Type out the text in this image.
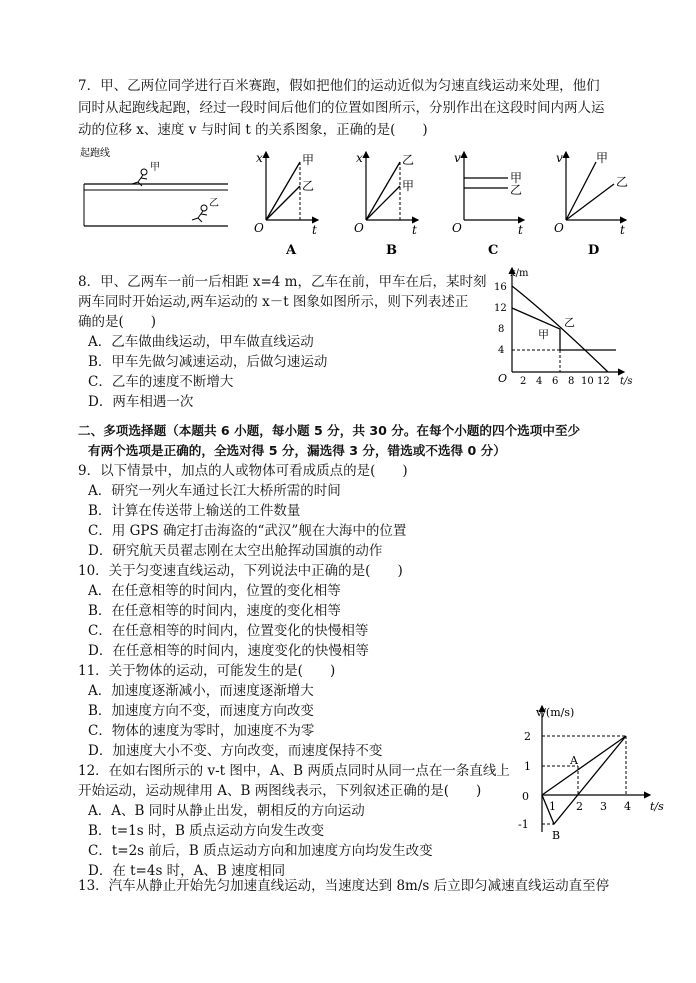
7．甲、乙两位同学进行百米赛跑，假如把他们的运动近似为匀速直线运动来处理，他们
同时从起跑线起跑，经过一段时间后他们的位置如图所示，分别作出在这段时间内两人运
动的位移 x、速度 v 与时间 t 的关系图象，正确的是(　　)
起跑线
甲
乙
x
t
O
甲
乙
A
x
t
O
乙
甲
B
v
t
O
甲
乙
C
v
t
O
甲
乙
D
8．甲、乙两车一前一后相距 x=4 m，乙车在前，甲车在后，某时刻
两车同时开始运动,两车运动的 x－t 图象如图所示，则下列表述正
确的是(　　)
A．乙车做曲线运动，甲车做直线运动
B．甲车先做匀减速运动，后做匀速运动
C．乙车的速度不断增大
D．两车相遇一次
x/m
t/s
O
16
12
8
4
2 4 6 8 10 12
甲
乙
二、多项选择题（本题共 6 小题，每小题 5 分，共 30 分。在每个小题的四个选项中至少
有两个选项是正确的，全选对得 5 分，漏选得 3 分，错选或不选得 0 分）
9．以下情景中，加点的人或物体可看成质点的是(　　)
A．研究一列火车通过长江大桥所需的时间
B．计算在传送带上输送的工件数量
C．用 GPS 确定打击海盗的“武汉”舰在大海中的位置
D．研究航天员翟志刚在太空出舱挥动国旗的动作
10．关于匀变速直线运动，下列说法中正确的是(　　)
A．在任意相等的时间内，位置的变化相等
B．在任意相等的时间内，速度的变化相等
C．在任意相等的时间内，位置变化的快慢相等
D．在任意相等的时间内，速度变化的快慢相等
11．关于物体的运动，可能发生的是(　　)
A．加速度逐渐减小，而速度逐渐增大
B．加速度方向不变，而速度方向改变
C．物体的速度为零时，加速度不为零
D．加速度大小不变、方向改变，而速度保持不变
12．在如右图所示的 v-t 图中，A、B 两质点同时从同一点在一条直线上
开始运动，运动规律用 A、B 两图线表示，下列叙述正确的是(　　)
A．A、B 同时从静止出发，朝相反的方向运动
B．t=1s 时，B 质点运动方向发生改变
C．t=2s 前后，B 质点运动方向和加速度方向均发生改变
D．在 t=4s 时，A、B 速度相同
v/(m/s)
t/s
0
2
1
-1
1 2 3 4
A
B
13．汽车从静止开始先匀加速直线运动，当速度达到 8m/s 后立即匀减速直线运动直至停
